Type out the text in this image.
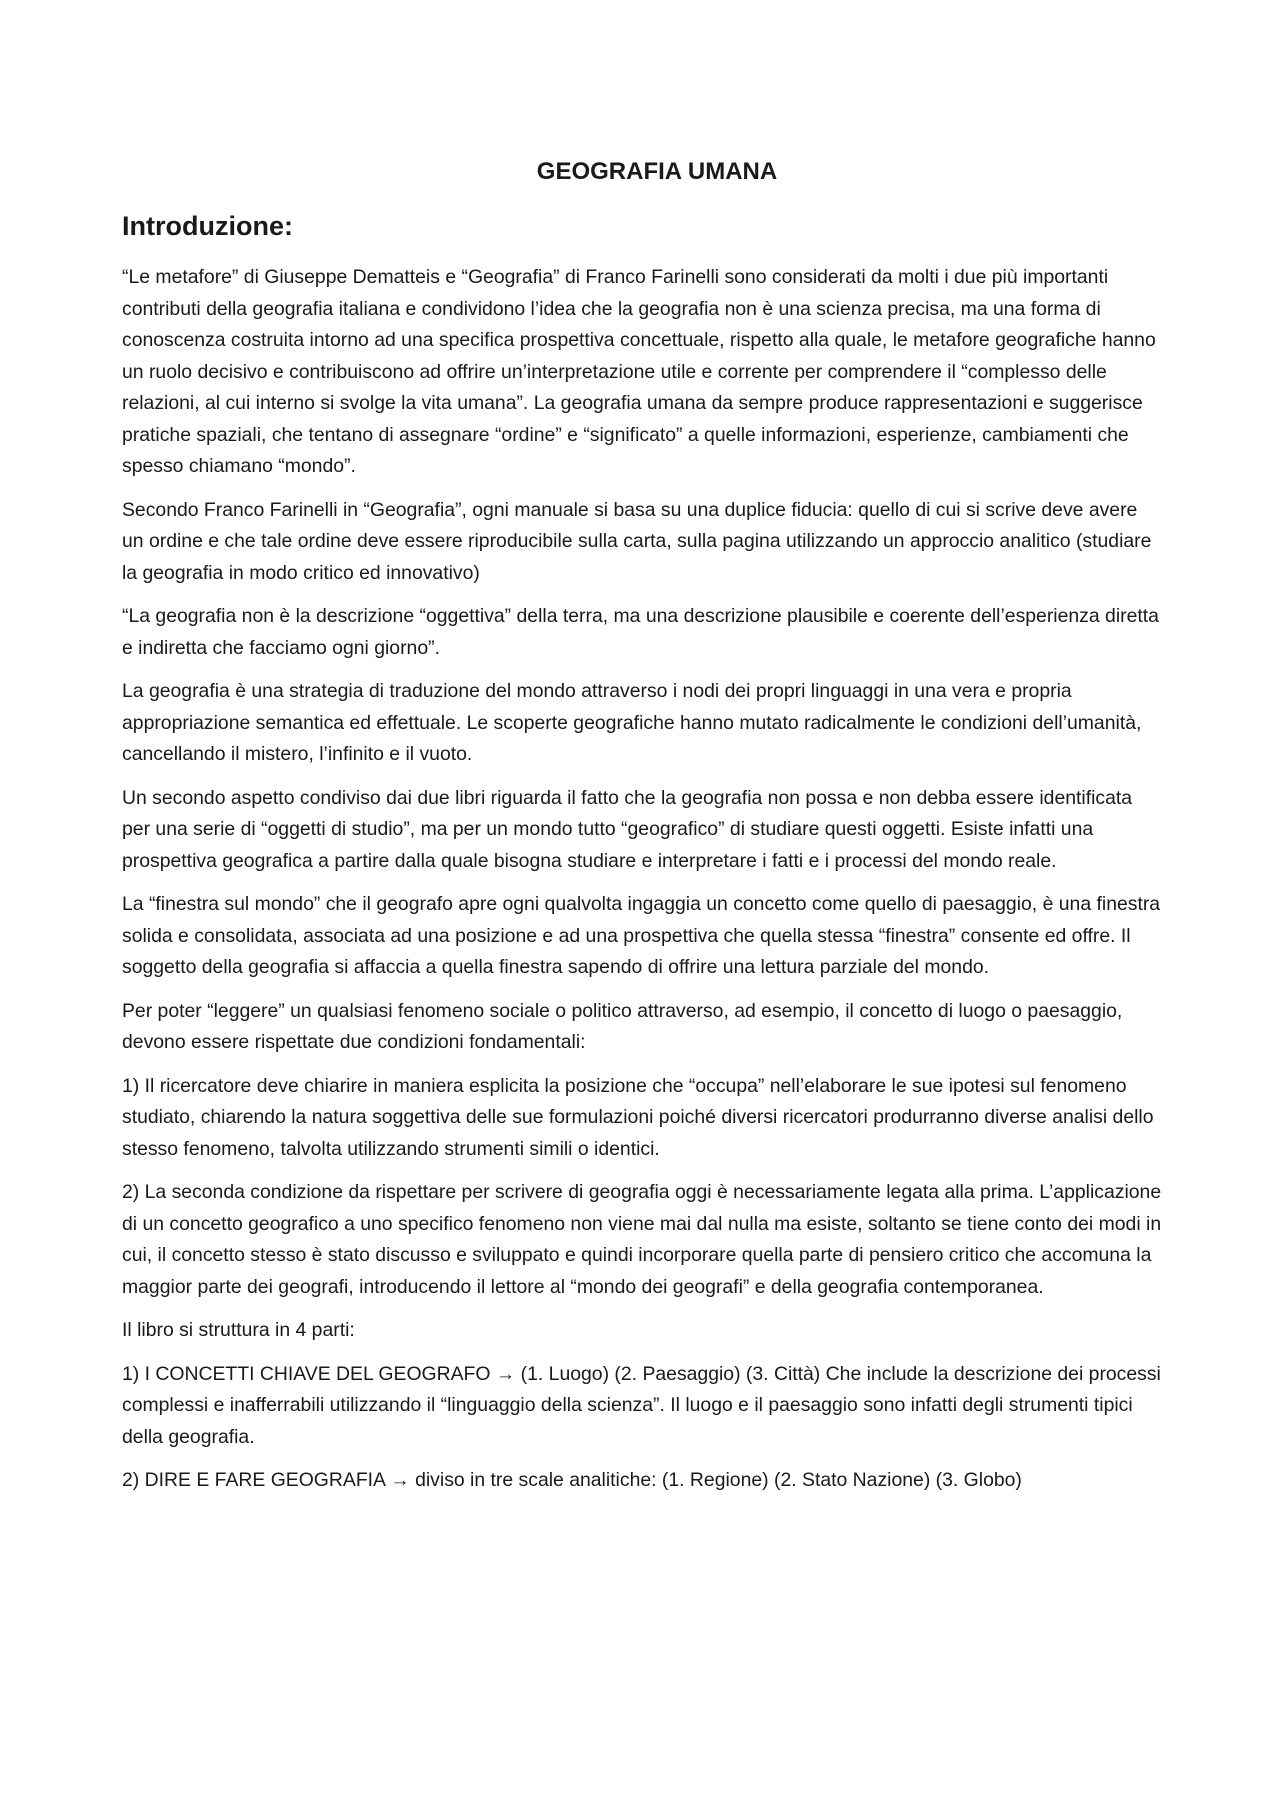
GEOGRAFIA UMANA
Introduzione:

“Le metafore” di Giuseppe Dematteis e “Geografia” di Franco Farinelli sono considerati da molti i due più importanti contributi della geografia italiana e condividono l’idea che la geografia non è una scienza precisa, ma una forma di conoscenza costruita intorno ad una specifica prospettiva concettuale, rispetto alla quale, le metafore geografiche hanno un ruolo decisivo e contribuiscono ad offrire un’interpretazione utile e corrente per comprendere il “complesso delle relazioni, al cui interno si svolge la vita umana”. La geografia umana da sempre produce rappresentazioni e suggerisce pratiche spaziali, che tentano di assegnare “ordine” e “significato” a quelle informazioni, esperienze, cambiamenti che spesso chiamano “mondo”.

Secondo Franco Farinelli in “Geografia”, ogni manuale si basa su una duplice fiducia: quello di cui si scrive deve avere un ordine e che tale ordine deve essere riproducibile sulla carta, sulla pagina utilizzando un approccio analitico (studiare la geografia in modo critico ed innovativo)

“La geografia non è la descrizione “oggettiva” della terra, ma una descrizione plausibile e coerente dell’esperienza diretta e indiretta che facciamo ogni giorno”.

La geografia è una strategia di traduzione del mondo attraverso i nodi dei propri linguaggi in una vera e propria appropriazione semantica ed effettuale. Le scoperte geografiche hanno mutato radicalmente le condizioni dell’umanità, cancellando il mistero, l’infinito e il vuoto.

Un secondo aspetto condiviso dai due libri riguarda il fatto che la geografia non possa e non debba essere identificata per una serie di “oggetti di studio”, ma per un mondo tutto “geografico” di studiare questi oggetti. Esiste infatti una prospettiva geografica a partire dalla quale bisogna studiare e interpretare i fatti e i processi del mondo reale.

La “finestra sul mondo” che il geografo apre ogni qualvolta ingaggia un concetto come quello di paesaggio, è una finestra solida e consolidata, associata ad una posizione e ad una prospettiva che quella stessa “finestra” consente ed offre. Il soggetto della geografia si affaccia a quella finestra sapendo di offrire una lettura parziale del mondo.

Per poter “leggere” un qualsiasi fenomeno sociale o politico attraverso, ad esempio, il concetto di luogo o paesaggio, devono essere rispettate due condizioni fondamentali:

1) Il ricercatore deve chiarire in maniera esplicita la posizione che “occupa” nell’elaborare le sue ipotesi sul fenomeno studiato, chiarendo la natura soggettiva delle sue formulazioni poiché diversi ricercatori produrranno diverse analisi dello stesso fenomeno, talvolta utilizzando strumenti simili o identici.

2) La seconda condizione da rispettare per scrivere di geografia oggi è necessariamente legata alla prima. L’applicazione di un concetto geografico a uno specifico fenomeno non viene mai dal nulla ma esiste, soltanto se tiene conto dei modi in cui, il concetto stesso è stato discusso e sviluppato e quindi incorporare quella parte di pensiero critico che accomuna la maggior parte dei geografi, introducendo il lettore al “mondo dei geografi” e della geografia contemporanea.

Il libro si struttura in 4 parti:

1) I CONCETTI CHIAVE DEL GEOGRAFO → (1. Luogo) (2. Paesaggio) (3. Città) Che include la descrizione dei processi complessi e inafferrabili utilizzando il “linguaggio della scienza”. Il luogo e il paesaggio sono infatti degli strumenti tipici della geografia.

2) DIRE E FARE GEOGRAFIA → diviso in tre scale analitiche: (1. Regione) (2. Stato Nazione) (3. Globo)
